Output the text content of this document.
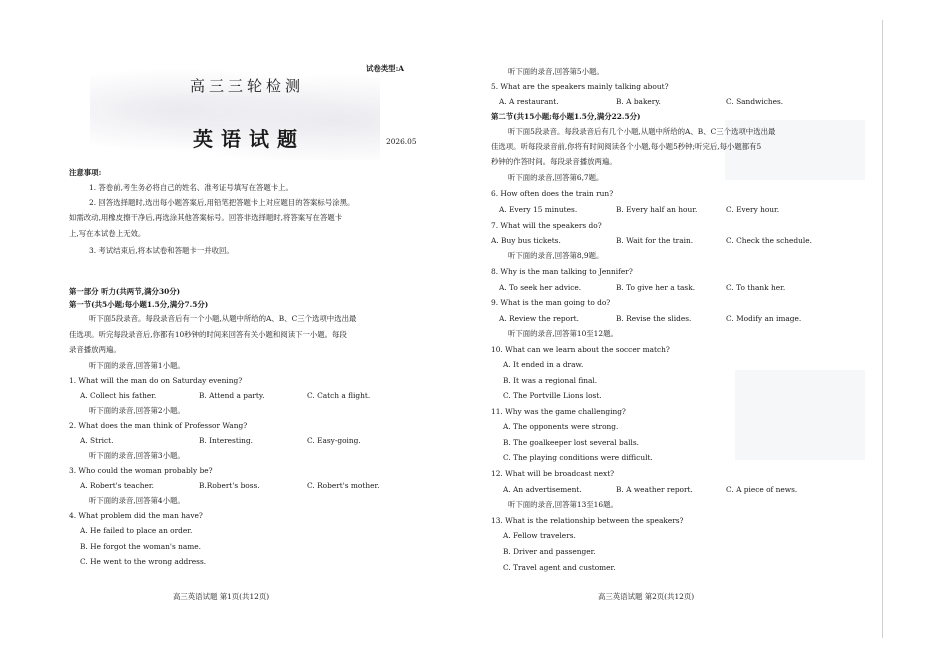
试卷类型:A
高三三轮检测
英语试题	2026.05
注意事项:
1. 答卷前,考生务必将自己的姓名、准考证号填写在答题卡上。
2. 回答选择题时,选出每小题答案后,用铅笔把答题卡上对应题目的答案标号涂黑。
如需改动,用橡皮擦干净后,再选涂其他答案标号。回答非选择题时,将答案写在答题卡
上,写在本试卷上无效。
3. 考试结束后,将本试卷和答题卡一并收回。
第一部分 听力(共两节,满分30分)
第一节(共5小题;每小题1.5分,满分7.5分)
听下面5段录音。每段录音后有一个小题,从题中所给的A、B、C三个选项中选出最
佳选项。听完每段录音后,你都有10秒钟的时间来回答有关小题和阅读下一小题。每段
录音播放两遍。
听下面的录音,回答第1小题。
1. What will the man do on Saturday evening?
A. Collect his father.	B. Attend a party.	C. Catch a flight.
听下面的录音,回答第2小题。
2. What does the man think of Professor Wang?
A. Strict.	B. Interesting.	C. Easy-going.
听下面的录音,回答第3小题。
3. Who could the woman probably be?
A. Robert's teacher.	B.Robert's boss.	C. Robert's mother.
听下面的录音,回答第4小题。
4. What problem did the man have?
A. He failed to place an order.
B. He forgot the woman's name.
C. He went to the wrong address.
高三英语试题 第1页(共12页)
听下面的录音,回答第5小题。
5. What are the speakers mainly talking about?
A. A restaurant.	B. A bakery.	C. Sandwiches.
第二节(共15小题;每小题1.5分,满分22.5分)
听下面5段录音。每段录音后有几个小题,从题中所给的A、B、C三个选项中选出最
佳选项。听每段录音前,你将有时间阅读各个小题,每小题5秒钟;听完后,每小题都有5
秒钟的作答时间。每段录音播放两遍。
听下面的录音,回答第6,7题。
6. How often does the train run?
A. Every 15 minutes.	B. Every half an hour.	C. Every hour.
7. What will the speakers do?
A. Buy bus tickets.	B. Wait for the train.	C. Check the schedule.
听下面的录音,回答第8,9题。
8. Why is the man talking to Jennifer?
A. To seek her advice.	B. To give her a task.	C. To thank her.
9. What is the man going to do?
A. Review the report.	B. Revise the slides.	C. Modify an image.
听下面的录音,回答第10至12题。
10. What can we learn about the soccer match?
A. It ended in a draw.
B. It was a regional final.
C. The Portville Lions lost.
11. Why was the game challenging?
A. The opponents were strong.
B. The goalkeeper lost several balls.
C. The playing conditions were difficult.
12. What will be broadcast next?
A. An advertisement.	B. A weather report.	C. A piece of news.
听下面的录音,回答第13至16题。
13. What is the relationship between the speakers?
A. Fellow travelers.
B. Driver and passenger.
C. Travel agent and customer.
高三英语试题 第2页(共12页)
